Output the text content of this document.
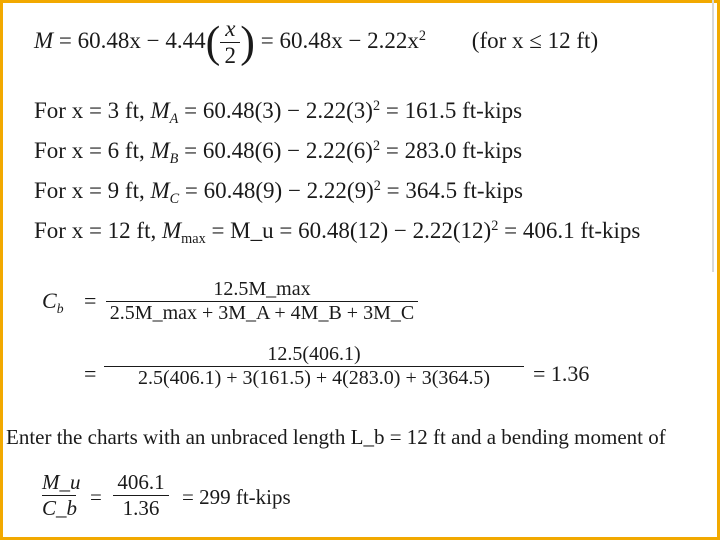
$M = 60.48x - 4.44( \frac{x}{2}$ ) = $60.48x - 2.22x^2$ (for x ≤ 12 ft)
For x = 3 ft, $M_A = 60.48(3) - 2.22(3)^2 = 161.5$ ft-kips
For x = 6 ft, $M_B = 60.48(6) - 2.22(6)^2 = 283.0$ ft-kips
For x = 9 ft, $M_C = 60.48(9) - 2.22(9)^2 = 364.5$ ft-kips
For x = 12 ft, $M_{max}$ = M_u = $60.48(12) - 2.22(12)^2 = 406.1$ ft-kips
$C_b$ =	12.5M_max
2.5M_max + 3M_A + 4M_B + 3M_C
=
12.5(406.1)
2.5(406.1) + 3(161.5) + 4(283.0) + 3(364.5)	= 1.36
Enter the charts with an unbraced length L_b = 12 ft and a bending moment of
M_u
C_b =
406.1
1.36	= 299 ft-kips
